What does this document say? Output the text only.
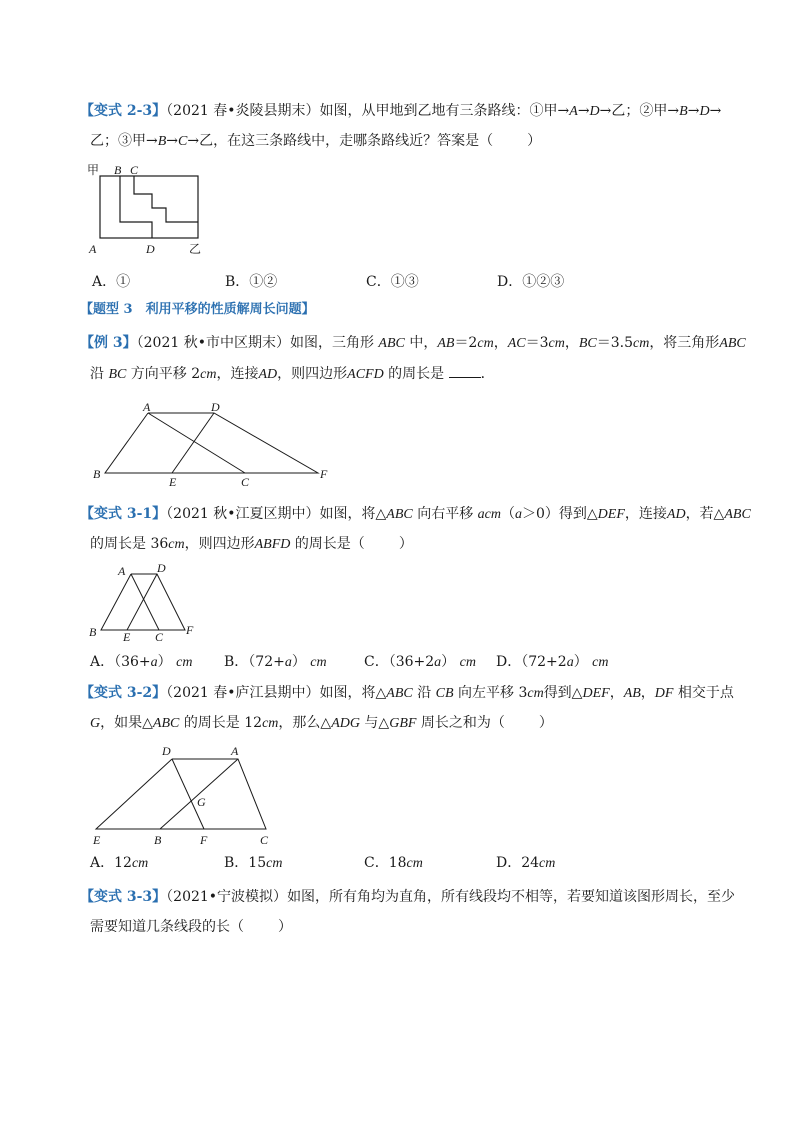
【变式 2-3】（2021 春•炎陵县期末）如图，从甲地到乙地有三条路线：①甲→A→D→乙；②甲→B→D→
乙；③甲→B→C→乙，在这三条路线中，走哪条路线近？答案是（ ）
甲 B C
A	D	乙
A．①	B．①②	C．①③	D．①②③
【题型 3　利用平移的性质解周长问题】
【例 3】（2021 秋•市中区期末）如图，三角形 ABC 中，AB＝2cm，AC＝3cm，BC＝3.5cm，将三角形ABC
沿 BC 方向平移 2cm，连接AD，则四边形ACFD 的周长是	．
A	D
B
E	C
F
【变式 3-1】（2021 秋•江夏区期中）如图，将△ABC 向右平移 acm（a＞0）得到△DEF，连接AD，若△ABC
的周长是 36cm，则四边形ABFD 的周长是（ ）
A	D
B E C F
A．（36+a） cm B．（72+a） cm	C．（36+2a） cm D．（72+2a） cm
【变式 3-2】（2021 春•庐江县期中）如图，将△ABC 沿 CB 向左平移 3cm得到△DEF，AB，DF 相交于点
G，如果△ABC 的周长是 12cm，那么△ADG 与△GBF 周长之和为（ ）
D	A
G
E	B	F	C
A．12cm	B．15cm	C．18cm	D．24cm
【变式 3-3】（2021•宁波模拟）如图，所有角均为直角，所有线段均不相等，若要知道该图形周长，至少
需要知道几条线段的长（ ）
